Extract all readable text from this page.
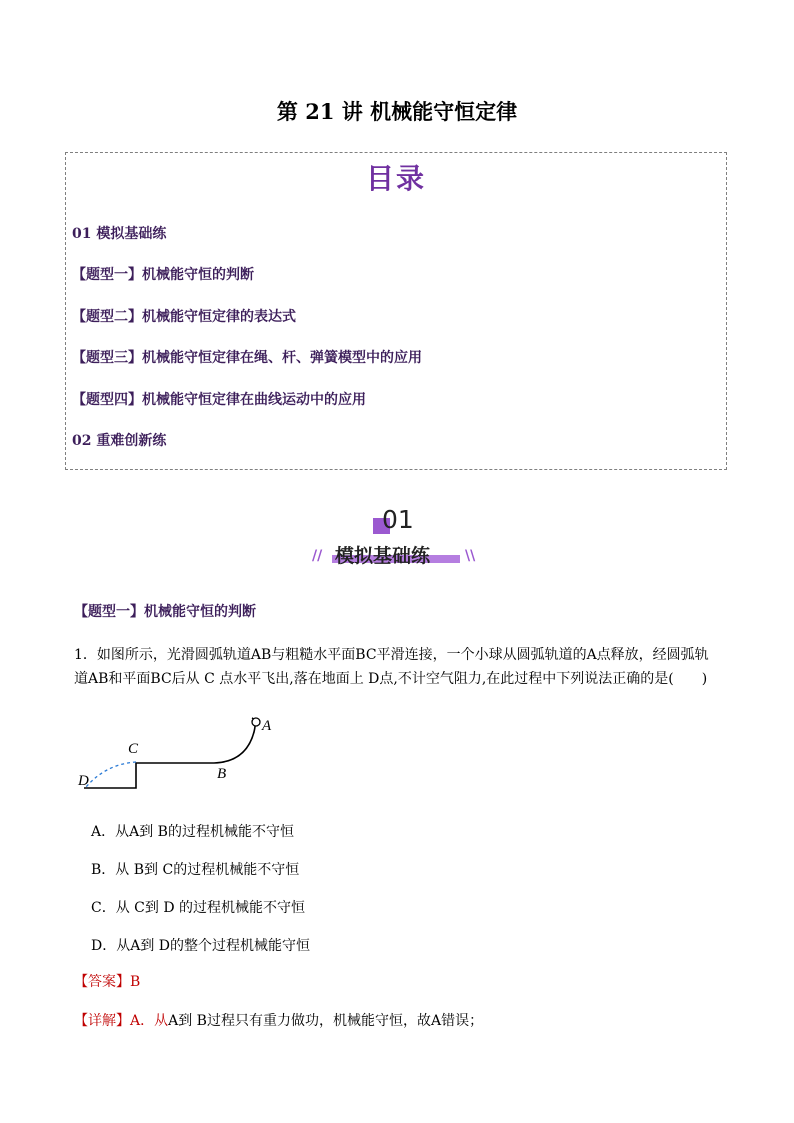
第 21 讲 机械能守恒定律
目录
01 模拟基础练
【题型一】机械能守恒的判断
【题型二】机械能守恒定律的表达式
【题型三】机械能守恒定律在绳、杆、弹簧模型中的应用
【题型四】机械能守恒定律在曲线运动中的应用
02 重难创新练
01
// 模拟基础练 \\
【题型一】机械能守恒的判断
1．如图所示，光滑圆弧轨道AB与粗糙水平面BC平滑连接，一个小球从圆弧轨道的A点释放，经圆弧轨
道AB和平面BC后从 C 点水平飞出,落在地面上 D点,不计空气阻力,在此过程中下列说法正确的是(　　)
A
B
C
D
A．从A到 B的过程机械能不守恒
B．从 B到 C的过程机械能不守恒
C．从 C到 D 的过程机械能不守恒
D．从A到 D的整个过程机械能守恒
【答案】B
【详解】A．从A到 B过程只有重力做功，机械能守恒，故A错误；
